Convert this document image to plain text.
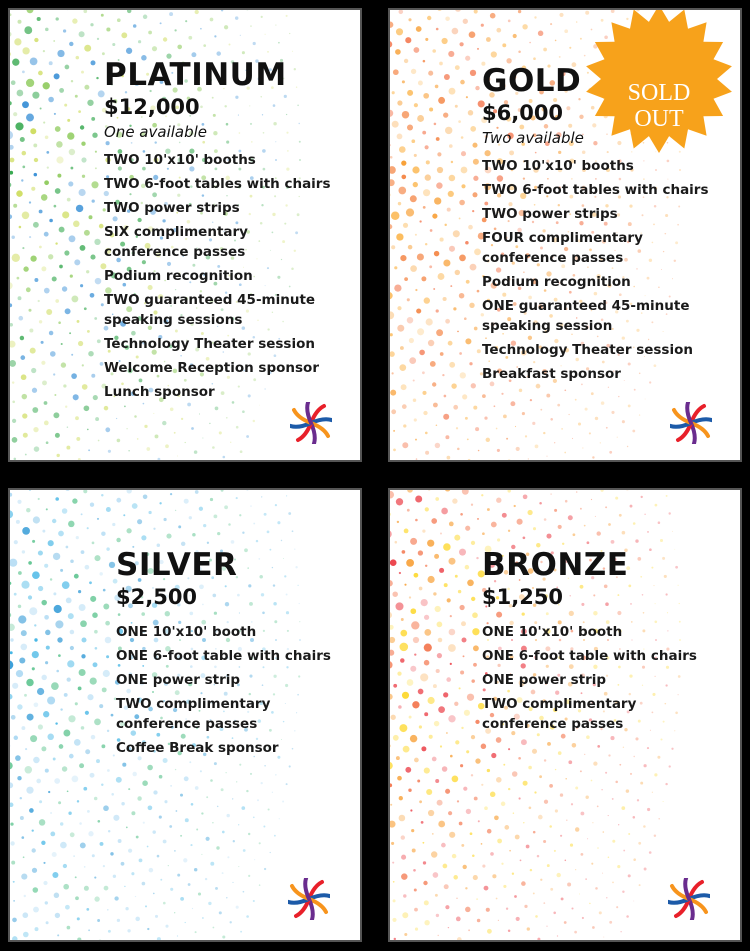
PLATINUM
$12,000
One available
TWO 10'x10' booths
TWO 6-foot tables with chairs
TWO power strips
SIX complimentary
conference passes
Podium recognition
TWO guaranteed 45-minute
speaking sessions
Technology Theater session
Welcome Reception sponsor
Lunch sponsor
GOLD
$6,000
Two available
TWO 10'x10' booths
TWO 6-foot tables with chairs
TWO power strips
FOUR complimentary
conference passes
Podium recognition
ONE guaranteed 45-minute
speaking session
Technology Theater session
Breakfast sponsor
SOLD
OUT
SILVER
$2,500
ONE 10'x10' booth
ONE 6-foot table with chairs
ONE power strip
TWO complimentary
conference passes
Coffee Break sponsor
BRONZE
$1,250
ONE 10'x10' booth
ONE 6-foot table with chairs
ONE power strip
TWO complimentary
conference passes
